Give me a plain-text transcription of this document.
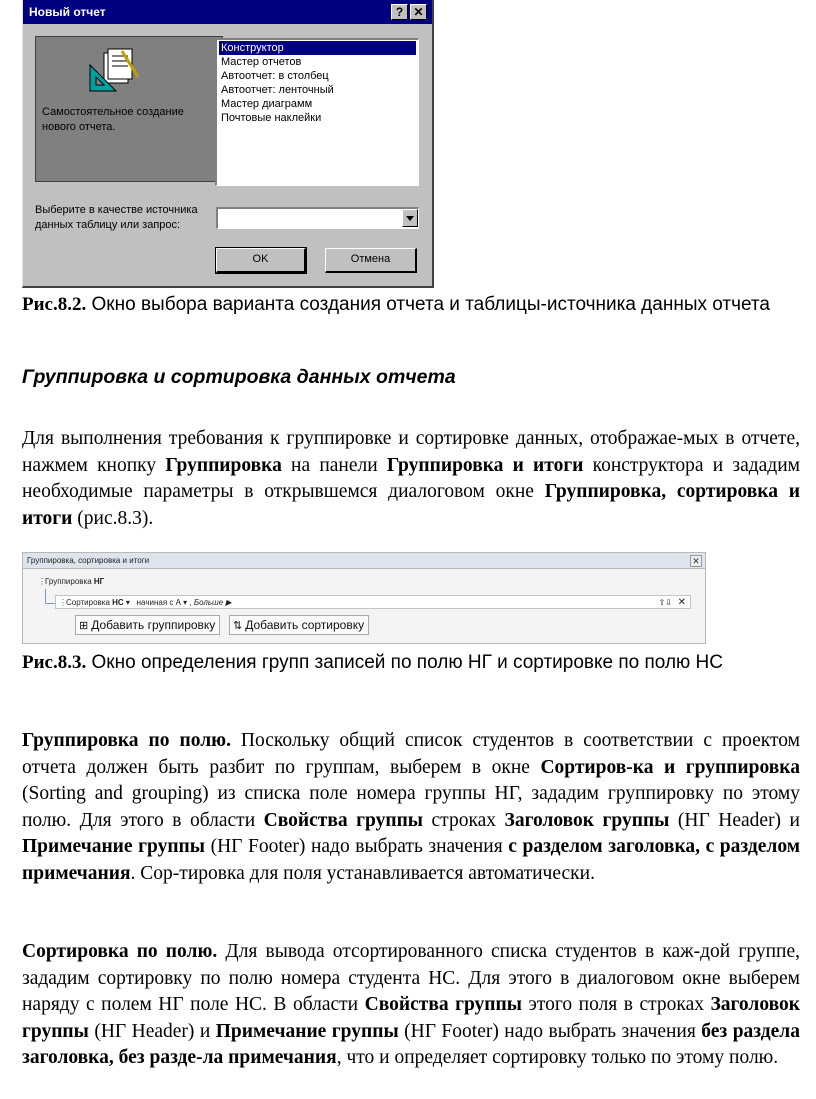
Новый отчет	? ✕
Самостоятельное создание нового отчета.
Конструктор
Мастер отчетов
Автоотчет: в столбец
Автоотчет: ленточный
Мастер диаграмм
Почтовые наклейки
Выберите в качестве источника данных таблицу или запрос:
OK	Отмена
Рис.8.2. Окно выбора варианта создания отчета и таблицы-источника данных отчета
Группировка и сортировка данных отчета
Для выполнения требования к группировке и сортировке данных, отображае-мых в отчете, нажмем кнопку Группировка на панели Группировка и итоги конструктора и зададим необходимые параметры в открывшемся диалоговом окне Группировка, сортировка и итоги (рис.8.3).
Группировка, сортировка и итоги	✕
⋮Группировка НГ
⋮Сортировка НС ▾   начиная с А ▾ , Больше ▶	⇧⇩ ✕
⊞ Добавить группировку	⇅ Добавить сортировку
Рис.8.3. Окно определения групп записей по полю НГ и сортировке по полю НС
Группировка по полю. Поскольку общий список студентов в соответствии с проектом отчета должен быть разбит по группам, выберем в окне Сортиров-ка и группировка (Sorting and grouping) из списка поле номера группы НГ, зададим группировку по этому полю. Для этого в области Свойства группы строках Заголовок группы (НГ Header) и Примечание группы (НГ Footer) надо выбрать значения с разделом заголовка, с разделом примечания. Сор-тировка для поля устанавливается автоматически.
Сортировка по полю. Для вывода отсортированного списка студентов в каж-дой группе, зададим сортировку по полю номера студента НС. Для этого в диалоговом окне выберем наряду с полем НГ поле НС. В области Свойства группы этого поля в строках Заголовок группы (НГ Header) и Примечание группы (НГ Footer) надо выбрать значения без раздела заголовка, без разде-ла примечания, что и определяет сортировку только по этому полю.
